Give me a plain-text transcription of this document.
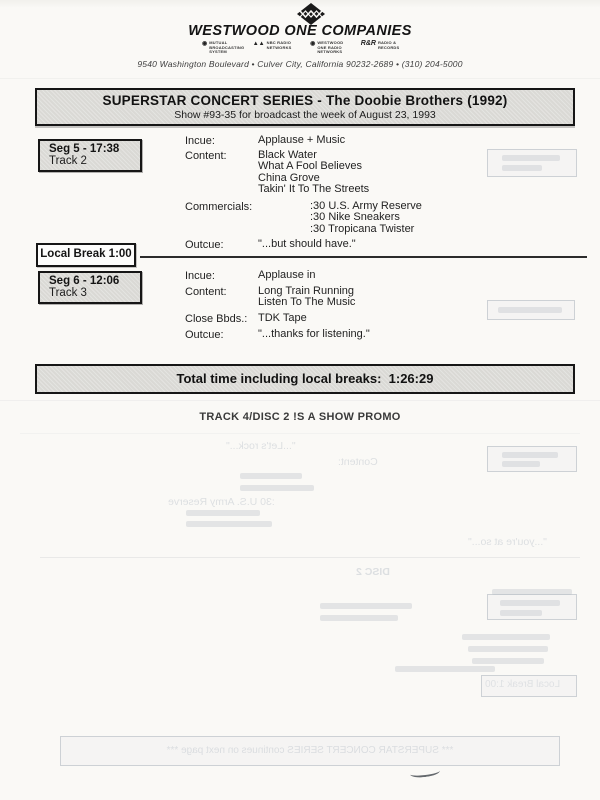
WESTWOOD ONE COMPANIES
◉ MUTUAL BROADCASTING SYSTEM
▲▲ NBC RADIO NETWORKS
◉ WESTWOOD ONE RADIO NETWORKS
R&R RADIO & RECORDS
9540 Washington Boulevard • Culver City, California 90232-2689 • (310) 204-5000
SUPERSTAR CONCERT SERIES - The Doobie Brothers (1992)
Show #93-35 for broadcast the week of August 23, 1993
Seg 5 - 17:38
Track 2
Incue:	Applause + Music
Content:	Black Water
What A Fool Believes
China Grove
Takin' It To The Streets
Commercials:	:30 U.S. Army Reserve
:30 Nike Sneakers
:30 Tropicana Twister
Outcue:	"...but should have."
Local Break 1:00
Seg 6 - 12:06
Track 3
Incue:	Applause in
Content:	Long Train Running
Listen To The Music
Close Bbds.: TDK Tape
Outcue:	"...thanks for listening."
Total time including local breaks:  1:26:29
TRACK 4/DISC 2 !S A SHOW PROMO
"...Let's rock..."
Content:
:30 U.S. Army Reserve
"...you're at so..."
DISC 2
Local Break 1:00
*** SUPERSTAR CONCERT SERIES continues on next page ***
